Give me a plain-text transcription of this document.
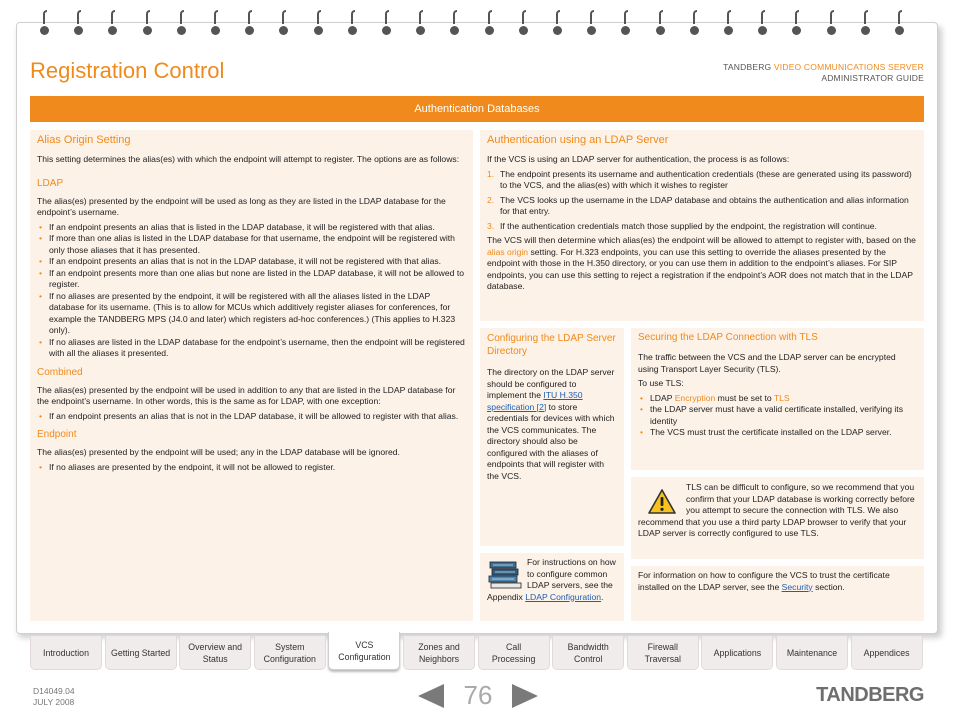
Registration Control	TANDBERG VIDEO COMMUNICATIONS SERVER
ADMINISTRATOR GUIDE
Authentication Databases
Alias Origin Setting
This setting determines the alias(es) with which the endpoint will attempt to register. The options are as follows:
LDAP
The alias(es) presented by the endpoint will be used as long as they are listed in the LDAP database for the endpoint’s username.
• If an endpoint presents an alias that is listed in the LDAP database, it will be registered with that alias.
• If more than one alias is listed in the LDAP database for that username, the endpoint will be registered with only those aliases that it has presented.
• If an endpoint presents an alias that is not in the LDAP database, it will not be registered with that alias.
• If an endpoint presents more than one alias but none are listed in the LDAP database, it will not be allowed to register.
• If no aliases are presented by the endpoint, it will be registered with all the aliases listed in the LDAP database for its username. (This is to allow for MCUs which additively register aliases for conferences, for example the TANDBERG MPS (J4.0 and later) which registers ad-hoc conferences.) (This applies to H.323 only).
• If no aliases are listed in the LDAP database for the endpoint’s username, then the endpoint will be registered with all the aliases it presented.
Combined
The alias(es) presented by the endpoint will be used in addition to any that are listed in the LDAP database for the endpoint’s username. In other words, this is the same as for LDAP, with one exception:
• If an endpoint presents an alias that is not in the LDAP database, it will be allowed to register with that alias.
Endpoint
The alias(es) presented by the endpoint will be used; any in the LDAP database will be ignored.
• If no aliases are presented by the endpoint, it will not be allowed to register.
Authentication using an LDAP Server
If the VCS is using an LDAP server for authentication, the process is as follows:
1. The endpoint presents its username and authentication credentials (these are generated using its password) to the VCS, and the alias(es) with which it wishes to register
2. The VCS looks up the username in the LDAP database and obtains the authentication and alias information for that entry.
3. If the authentication credentials match those supplied by the endpoint, the registration will continue.
The VCS will then determine which alias(es) the endpoint will be allowed to attempt to register with, based on the alias origin setting. For H.323 endpoints, you can use this setting to override the aliases presented by the endpoint with those in the H.350 directory, or you can use them in addition to the endpoint’s aliases. For SIP endpoints, you can use this setting to reject a registration if the endpoint’s AOR does not match that in the LDAP database.
Configuring the LDAP Server Directory
The directory on the LDAP server should be configured to implement the ITU H.350 specification [2] to store credentials for devices with which the VCS communicates. The directory should also be configured with the aliases of endpoints that will register with the VCS.
Securing the LDAP Connection with TLS
The traffic between the VCS and the LDAP server can be encrypted using Transport Layer Security (TLS).
To use TLS:
• LDAP Encryption must be set to TLS
• the LDAP server must have a valid certificate installed, verifying its identity
• The VCS must trust the certificate installed on the LDAP server.
TLS can be difficult to configure, so we recommend that you confirm that your LDAP database is working correctly before you attempt to secure the connection with TLS. We also recommend that you use a third party LDAP browser to verify that your LDAP server is correctly configured to use TLS.
For instructions on how to configure common LDAP servers, see the Appendix LDAP Configuration.
For information on how to configure the VCS to trust the certificate installed on the LDAP server, see the Security section.
Introduction	Getting Started
Overview and
Status
System
Configuration
VCS
Configuration
Zones and
Neighbors
Call
Processing
Bandwidth
Control
Firewall
Traversal
Applications	Maintenance	Appendices
D14049.04
JULY 2008	76	TANDBERG
